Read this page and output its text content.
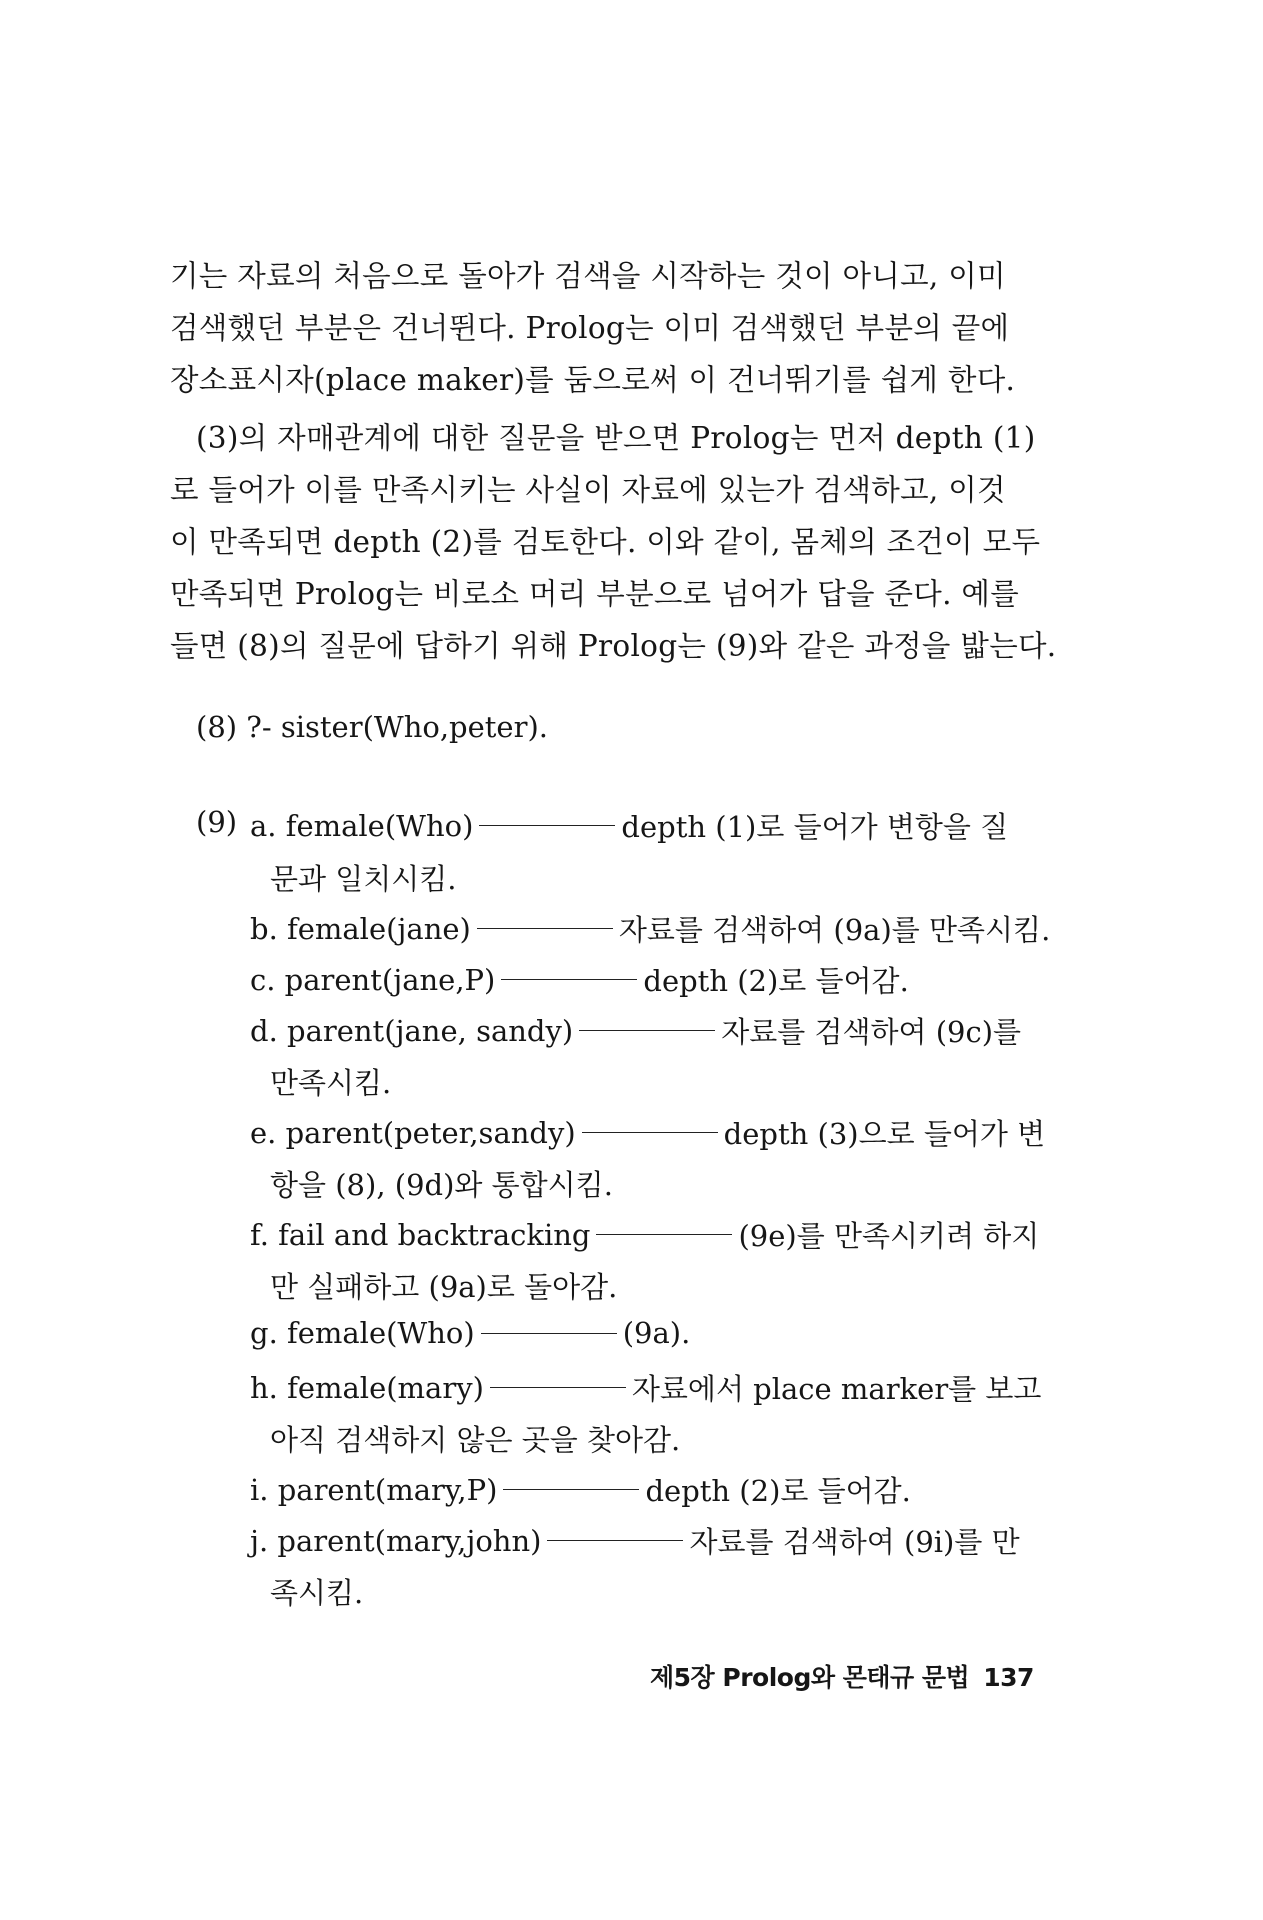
기는 자료의 처음으로 돌아가 검색을 시작하는 것이 아니고, 이미
검색했던 부분은 건너뛴다. Prolog는 이미 검색했던 부분의 끝에
장소표시자(place maker)를 둠으로써 이 건너뛰기를 쉽게 한다.

(3)의 자매관계에 대한 질문을 받으면 Prolog는 먼저 depth (1)
로 들어가 이를 만족시키는 사실이 자료에 있는가 검색하고, 이것
이 만족되면 depth (2)를 검토한다. 이와 같이, 몸체의 조건이 모두
만족되면 Prolog는 비로소 머리 부분으로 넘어가 답을 준다. 예를
들면 (8)의 질문에 답하기 위해 Prolog는 (9)와 같은 과정을 밟는다.

(8) ?- sister(Who,peter).
(9) a. female(Who)	depth (1)로 들어가 변항을 질
문과 일치시킴.
b. female(jane)	자료를 검색하여 (9a)를 만족시킴.
c. parent(jane,P)	depth (2)로 들어감.
d. parent(jane, sandy)	자료를 검색하여 (9c)를
만족시킴.
e. parent(peter,sandy)	depth (3)으로 들어가 변
항을 (8), (9d)와 통합시킴.
f. fail and backtracking	(9e)를 만족시키려 하지
만 실패하고 (9a)로 돌아감.
g. female(Who)	(9a).
h. female(mary)	자료에서 place marker를 보고
아직 검색하지 않은 곳을 찾아감.
i. parent(mary,P)	depth (2)로 들어감.
j. parent(mary,john)	자료를 검색하여 (9i)를 만
족시킴.
제5장 Prolog와 몬태규 문법 137
